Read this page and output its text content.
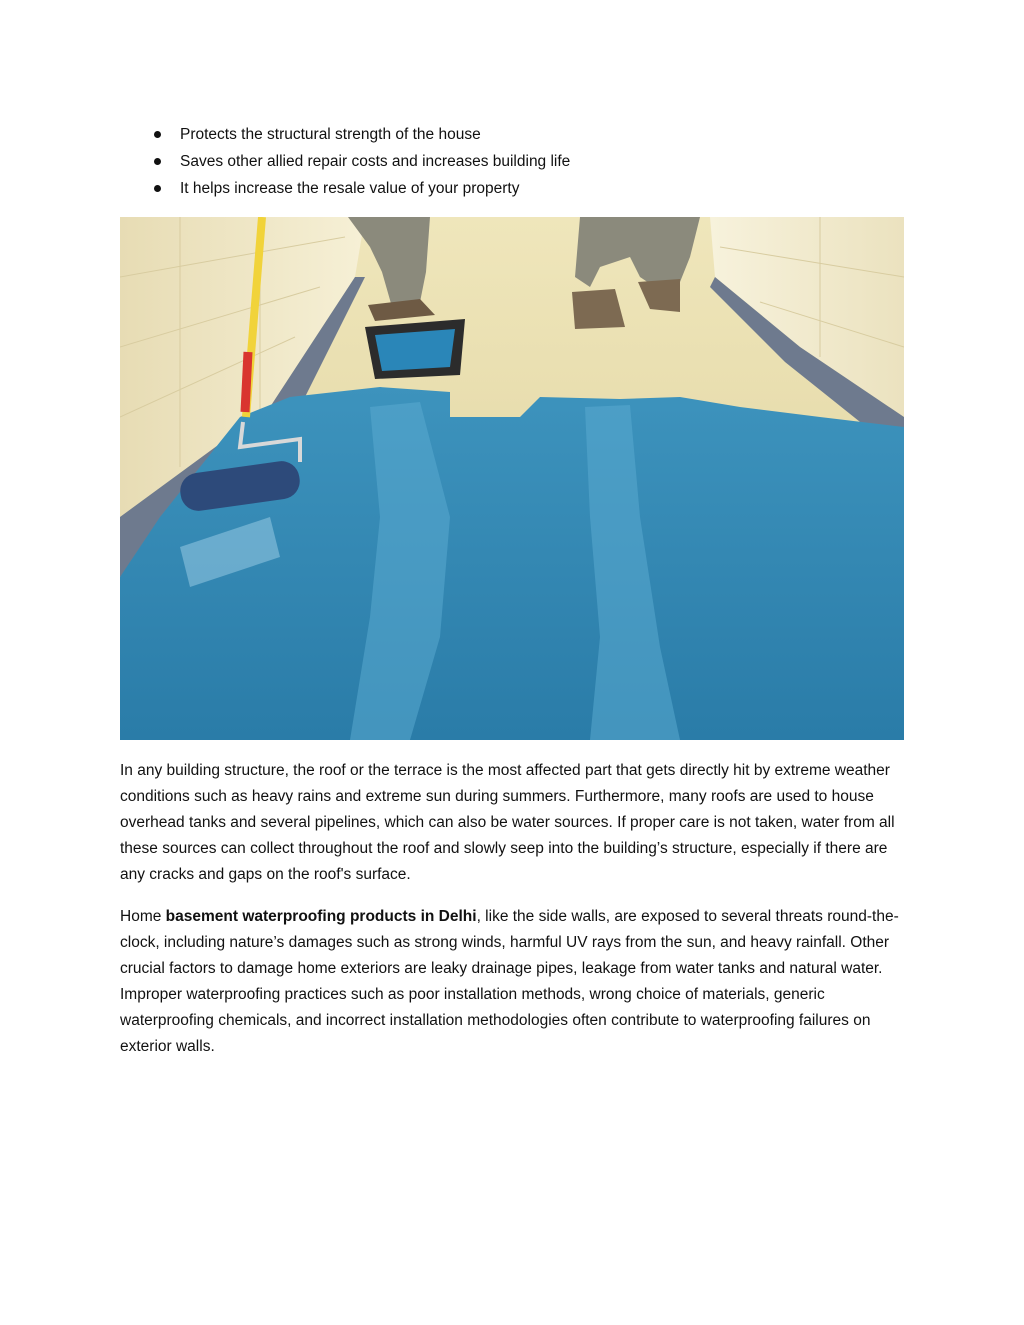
Protects the structural strength of the house
Saves other allied repair costs and increases building life
It helps increase the resale value of your property

In any building structure, the roof or the terrace is the most affected part that gets directly hit by extreme weather conditions such as heavy rains and extreme sun during summers. Furthermore, many roofs are used to house overhead tanks and several pipelines, which can also be water sources. If proper care is not taken, water from all these sources can collect throughout the roof and slowly seep into the building’s structure, especially if there are any cracks and gaps on the roof's surface.

Home basement waterproofing products in Delhi, like the side walls, are exposed to several threats round-the-clock, including nature’s damages such as strong winds, harmful UV rays from the sun, and heavy rainfall. Other crucial factors to damage home exteriors are leaky drainage pipes, leakage from water tanks and natural water. Improper waterproofing practices such as poor installation methods, wrong choice of materials, generic waterproofing chemicals, and incorrect installation methodologies often contribute to waterproofing failures on exterior walls.
